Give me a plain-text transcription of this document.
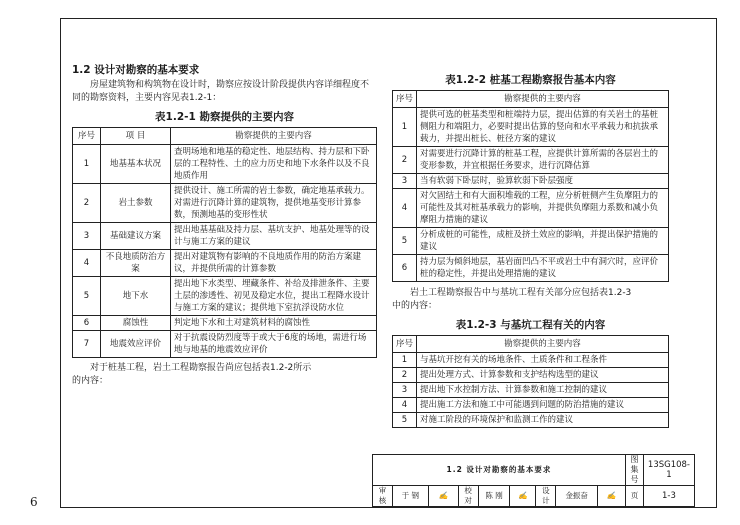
1.2 设计对勘察的基本要求

房屋建筑物和构筑物在设计时，勘察应按设计阶段提供内容详细程度不同的勘察资料，主要内容见表1.2-1：

表1.2-1 勘察提供的主要内容

序号	项 目	勘察提供的主要内容
1	地基基本状况	查明场地和地基的稳定性、地层结构、持力层和下卧层的工程特性、土的应力历史和地下水条件以及不良地质作用
2	岩土参数	提供设计、施工所需的岩土参数，确定地基承载力。对需进行沉降计算的建筑物，提供地基变形计算参数，预测地基的变形性状
3	基础建议方案	提出地基基础及持力层、基坑支护、地基处理等的设计与施工方案的建议
4	不良地质防治方案	提出对建筑物有影响的不良地质作用的防治方案建议，并提供所需的计算参数
5	地下水	提出地下水类型、埋藏条件、补给及排泄条件、主要土层的渗透性、初见及稳定水位，提出工程降水设计与施工方案的建议；提供地下室抗浮设防水位
6	腐蚀性	判定地下水和土对建筑材料的腐蚀性
7	地震效应评价	对于抗震设防烈度等于或大于6度的场地，需进行场地与地基的地震效应评价

对于桩基工程，岩土工程勘察报告尚应包括表1.2-2所示

的内容：

表1.2-2 桩基工程勘察报告基本内容

序号	勘察提供的主要内容
1	提供可选的桩基类型和桩端持力层，提出估算的有关岩土的基桩侧阻力和端阻力，必要时提出估算的竖向和水平承载力和抗拔承载力，并提出桩长、桩径方案的建议
2	对需要进行沉降计算的桩基工程，应提供计算所需的各层岩土的变形参数，并宜根据任务要求，进行沉降估算
3	当有软弱下卧层时，验算软弱下卧层强度
4	对欠固结土和有大面积堆载的工程，应分析桩侧产生负摩阻力的可能性及其对桩基承载力的影响，并提供负摩阻力系数和减小负摩阻力措施的建议
5	分析成桩的可能性，成桩及挤土效应的影响，并提出保护措施的建议
6	持力层为倾斜地层，基岩面凹凸不平或岩土中有洞穴时，应评价桩的稳定性，并提出处理措施的建议

岩土工程勘察报告中与基坑工程有关部分应包括表1.2-3

中的内容：

表1.2-3 与基坑工程有关的内容

序号	勘察提供的主要内容
1	与基坑开挖有关的场地条件、土质条件和工程条件
2	提出处理方式、计算参数和支护结构选型的建议
3	提出地下水控制方法、计算参数和施工控制的建议
4	提出施工方法和施工中可能遇到问题的防治措施的建议
5	对施工阶段的环境保护和监测工作的建议
1.2 设计对勘察的基本要求									图集号	13SG108-1
审核	于 钢	✍	校对	陈 刚	✍	设计	金振奋	✍	页	1-3
6
